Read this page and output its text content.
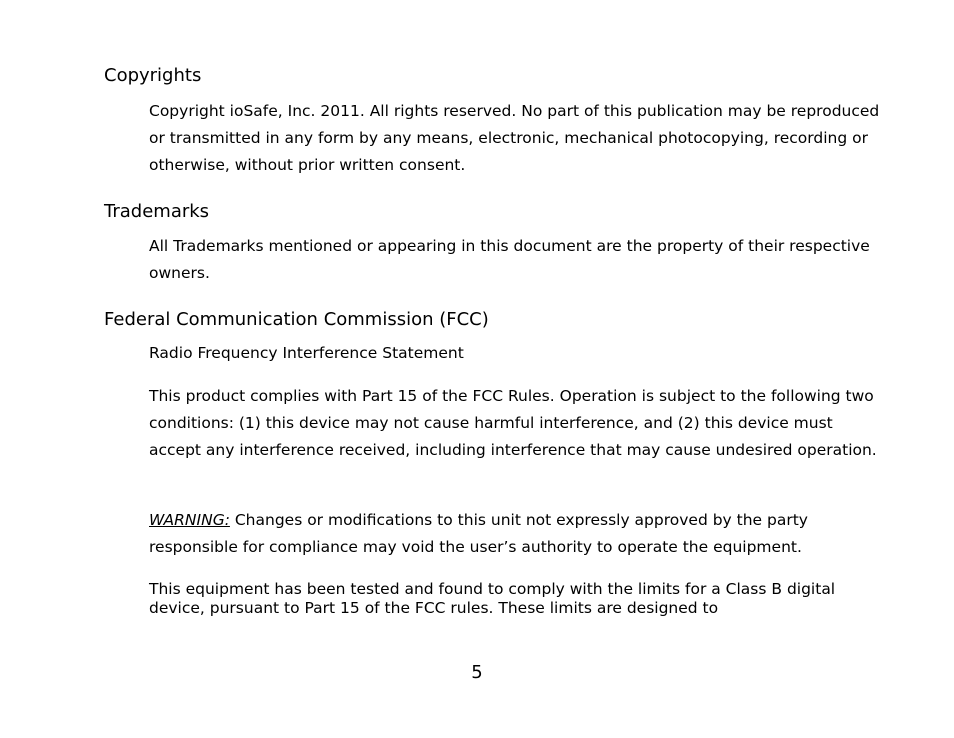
Copyrights

Copyright ioSafe, Inc. 2011. All rights reserved. No part of this publication may be reproduced or transmitted in any form by any means, electronic, mechanical photocopying, recording or otherwise, without prior written consent.

Trademarks

All Trademarks mentioned or appearing in this document are the property of their respective owners.

Federal Communication Commission (FCC)

Radio Frequency Interference Statement

This product complies with Part 15 of the FCC Rules. Operation is subject to the following two conditions: (1) this device may not cause harmful interference, and (2) this device must accept any interference received, including interference that may cause undesired operation.

WARNING: Changes or modifications to this unit not expressly approved by the party responsible for compliance may void the user’s authority to operate the equipment.

This equipment has been tested and found to comply with the limits for a Class B digital device, pursuant to Part 15 of the FCC rules. These limits are designed to

5
